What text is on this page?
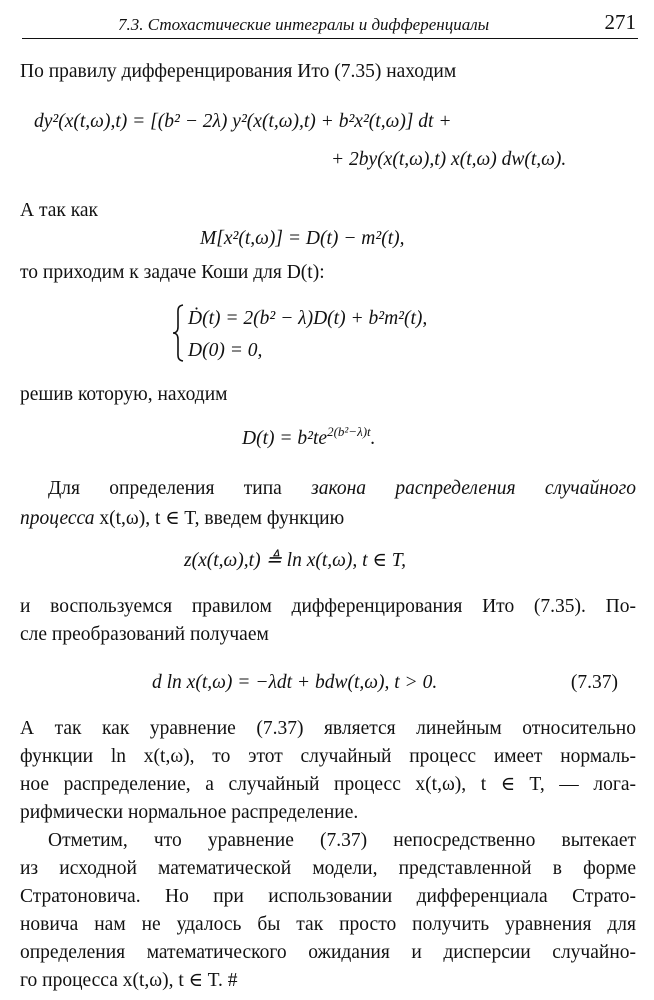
7.3. Стохастические интегралы и дифференциалы	271

По правилу дифференцирования Ито (7.35) находим

dy²(x(t,ω),t) = [(b² − 2λ) y²(x(t,ω),t) + b²x²(t,ω)] dt +
+ 2by(x(t,ω),t) x(t,ω) dw(t,ω).

А так как

M[x²(t,ω)] = D(t) − m²(t),

то приходим к задаче Коши для D(t):

Ḋ(t) = 2(b² − λ)D(t) + b²m²(t),
D(0) = 0,

решив которую, находим

$D(t) = b^2te^{2(b^2-\lambda)t}$.

Для определения типа закона распределения случайного

процесса x(t,ω), t ∈ T, введем функцию

z(x(t,ω),t) ≜ ln x(t,ω), t ∈ T,

и воспользуемся правилом дифференцирования Ито (7.35). По-

сле преобразований получаем

d ln x(t,ω) = −λdt + bdw(t,ω), t > 0.	(7.37)

А так как уравнение (7.37) является линейным относительно

функции ln x(t,ω), то этот случайный процесс имеет нормаль-

ное распределение, а случайный процесс x(t,ω), t ∈ T, — лога-

рифмически нормальное распределение.

Отметим, что уравнение (7.37) непосредственно вытекает

из исходной математической модели, представленной в форме

Стратоновича. Но при использовании дифференциала Страто-

новича нам не удалось бы так просто получить уравнения для

определения математического ожидания и дисперсии случайно-

го процесса x(t,ω), t ∈ T. #
